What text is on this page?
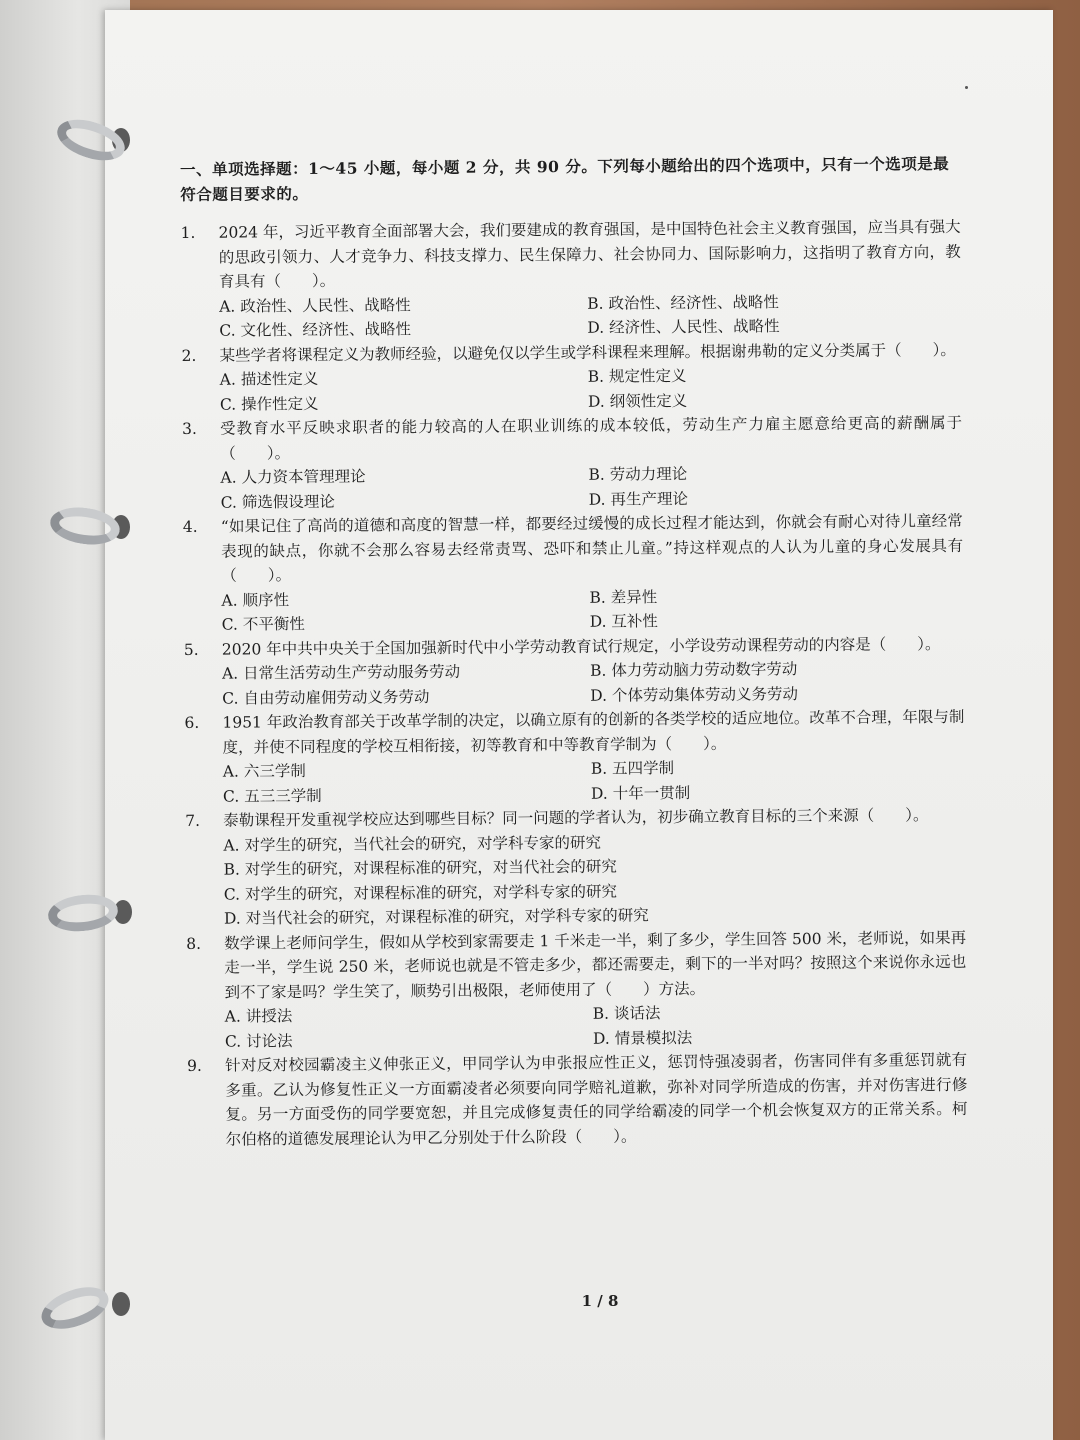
一、单项选择题：1～45 小题，每小题 2 分，共 90 分。下列每小题给出的四个选项中，只有一个选项是最符合题目要求的。
1.	2024 年，习近平教育全面部署大会，我们要建成的教育强国，是中国特色社会主义教育强国，应当具有强大的思政引领力、人才竞争力、科技支撑力、民生保障力、社会协同力、国际影响力，这指明了教育方向，教育具有（　　）。
A. 政治性、人民性、战略性	B. 政治性、经济性、战略性
C. 文化性、经济性、战略性	D. 经济性、人民性、战略性
2.	某些学者将课程定义为教师经验，以避免仅以学生或学科课程来理解。根据谢弗勒的定义分类属于（　　）。
A. 描述性定义	B. 规定性定义
C. 操作性定义	D. 纲领性定义
3.	受教育水平反映求职者的能力较高的人在职业训练的成本较低，劳动生产力雇主愿意给更高的薪酬属于（　　）。
A. 人力资本管理理论	B. 劳动力理论
C. 筛选假设理论	D. 再生产理论
4.	“如果记住了高尚的道德和高度的智慧一样，都要经过缓慢的成长过程才能达到，你就会有耐心对待儿童经常表现的缺点，你就不会那么容易去经常责骂、恐吓和禁止儿童。”持这样观点的人认为儿童的身心发展具有（　　）。
A. 顺序性	B. 差异性
C. 不平衡性	D. 互补性
5.	2020 年中共中央关于全国加强新时代中小学劳动教育试行规定，小学设劳动课程劳动的内容是（　　）。
A. 日常生活劳动生产劳动服务劳动	B. 体力劳动脑力劳动数字劳动
C. 自由劳动雇佣劳动义务劳动	D. 个体劳动集体劳动义务劳动
6.	1951 年政治教育部关于改革学制的决定，以确立原有的创新的各类学校的适应地位。改革不合理，年限与制度，并使不同程度的学校互相衔接，初等教育和中等教育学制为（　　）。
A. 六三学制	B. 五四学制
C. 五三三学制	D. 十年一贯制
7.	泰勒课程开发重视学校应达到哪些目标？同一问题的学者认为，初步确立教育目标的三个来源（　　）。
A. 对学生的研究，当代社会的研究，对学科专家的研究
B. 对学生的研究，对课程标准的研究，对当代社会的研究
C. 对学生的研究，对课程标准的研究，对学科专家的研究
D. 对当代社会的研究，对课程标准的研究，对学科专家的研究
8.	数学课上老师问学生，假如从学校到家需要走 1 千米走一半，剩了多少，学生回答 500 米，老师说，如果再走一半，学生说 250 米，老师说也就是不管走多少，都还需要走，剩下的一半对吗？按照这个来说你永远也到不了家是吗？学生笑了，顺势引出极限，老师使用了（　　）方法。
A. 讲授法	B. 谈话法
C. 讨论法	D. 情景模拟法
9.	针对反对校园霸凌主义伸张正义，甲同学认为申张报应性正义，惩罚恃强凌弱者，伤害同伴有多重惩罚就有多重。乙认为修复性正义一方面霸凌者必须要向同学赔礼道歉，弥补对同学所造成的伤害，并对伤害进行修复。另一方面受伤的同学要宽恕，并且完成修复责任的同学给霸凌的同学一个机会恢复双方的正常关系。柯尔伯格的道德发展理论认为甲乙分别处于什么阶段（　　）。
1 / 8
